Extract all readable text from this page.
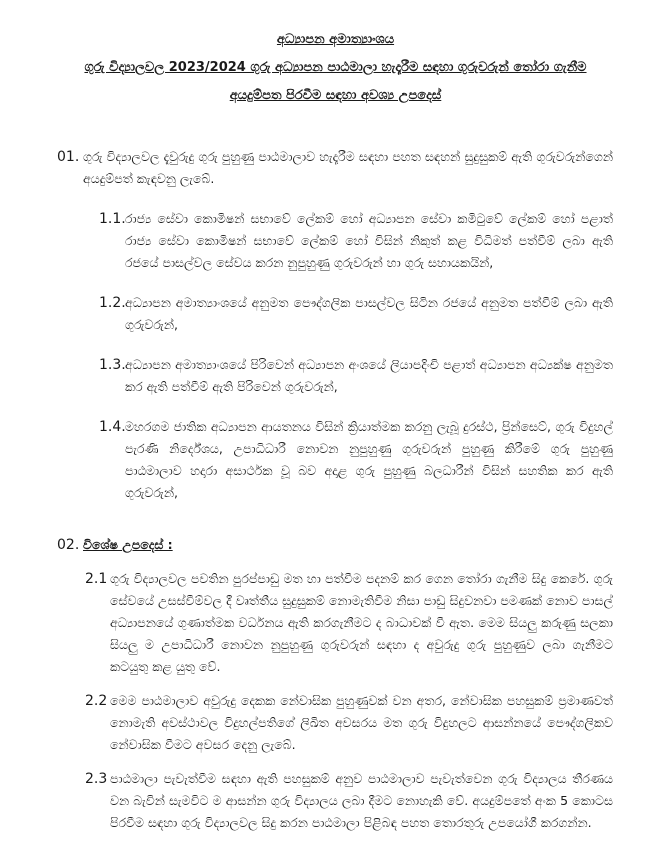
අධ්‍යාපන අමාත්‍යාංශය
ගුරු විද්‍යාලවල 2023/2024 ගුරු අධ්‍යාපන පාඨමාලා හැදෑරීම සඳහා ගුරුවරුන් තෝරා ගැනීම
අයදුම්පත පිරවීම සඳහා අවශ්‍ය උපදෙස්
01. ගුරු විද්‍යාලවල දැවුරුදු ගුරු පුහුණු පාඨමාලාව හැදෑරීම සඳහා පහත සඳහන් සුදුසුකම් ඇති ගුරුවරුන්ගෙන් අයදුම්පත් කැඳවනු ලැබේ.
1.1. රාජ්‍ය සේවා කොමිෂන් සභාවේ ලේකම් හෝ අධ්‍යාපන සේවා කමිටුවේ ලේකම් හෝ පළාත් රාජ්‍ය සේවා කොමිෂන් සභාවේ ලේකම් හෝ විසින් නිකුත් කළ විධිමත් පත්වීම් ලබා ඇති රජයේ පාසල්වල සේවය කරන නුපුහුණු ගුරුවරුන් හා ගුරු සහායකයින්,
1.2. අධ්‍යාපන අමාත්‍යාංශයේ අනුමත පෞද්ගලික පාසල්වල සිටින රජයේ අනුමත පත්වීම් ලබා ඇති ගුරුවරුන්,
1.3. අධ්‍යාපන අමාත්‍යාංශයේ පිරිවෙන් අධ්‍යාපන අංශයේ ලියාපදිංචි පළාත් අධ්‍යාපන අධ්‍යක්ෂ අනුමත කර ඇති පත්වීම් ඇති පිරිවෙන් ගුරුවරුන්,
1.4. මහරගම ජාතික අධ්‍යාපන ආයතනය විසින් ක්‍රියාත්මක කරනු ලැබූ දුරස්ථ, ප්‍රින්සෙට්, ගුරු විදුහල් පැරණි නිර්දේශය, උපාධිධාරී නොවන නුපුහුණු ගුරුවරුන් පුහුණු කිරීමේ ගුරු පුහුණු පාඨමාලාව හදාරා අසාර්ථක වූ බව අදාළ ගුරු පුහුණු බලධාරීන් විසින් සහතික කර ඇති ගුරුවරුන්,
02. විශේෂ උපදෙස් :
2.1 ගුරු විද්‍යාලවල පවතින පුරප්පාඩු මත හා පත්වීම පදනම් කර ගෙන තෝරා ගැනීම සිදු කෙරේ. ගුරු සේවයේ උසස්වීම්වල දී වෘත්තීය සුදුසුකම් නොමැතිවීම නිසා පාඩු සිදුවනවා පමණක් නොව පාසල් අධ්‍යාපනයේ ගුණාත්මක වර්ධනය ඇති කරගැනීමට ද බාධාවක් වී ඇත. මෙම සියලු කරුණු සලකා සියලු ම උපාධිධාරී නොවන නුපුහුණු ගුරුවරුන් සඳහා ද අවුරුදු ගුරු පුහුණුව ලබා ගැනීමට කටයුතු කළ යුතු වේ.
2.2 මෙම පාඨමාලාව අවුරුදු දෙකක නේවාසික පුහුණුවක් වන අතර, නේවාසික පහසුකම් ප්‍රමාණවත් නොමැති අවස්ථාවල විදුහල්පතිගේ ලිඛිත අවසරය මත ගුරු විදුහලට ආසන්නයේ පෞද්ගලිකව නේවාසික වීමට අවසර දෙනු ලැබේ.
2.3 පාඨමාලා පැවැත්වීම සඳහා ඇති පහසුකම් අනුව පාඨමාලාව පැවැත්වෙන ගුරු විද්‍යාලය තීරණය වන බැවින් සැමවිට ම ආසන්න ගුරු විද්‍යාලය ලබා දීමට නොහැකි වේ. අයදුම්පතේ අංක 5 කොටස පිරවීම සඳහා ගුරු විද්‍යාලවල සිදු කරන පාඨමාලා පිළිබඳ පහත තොරතුරු උපයෝගී කරගන්න.
